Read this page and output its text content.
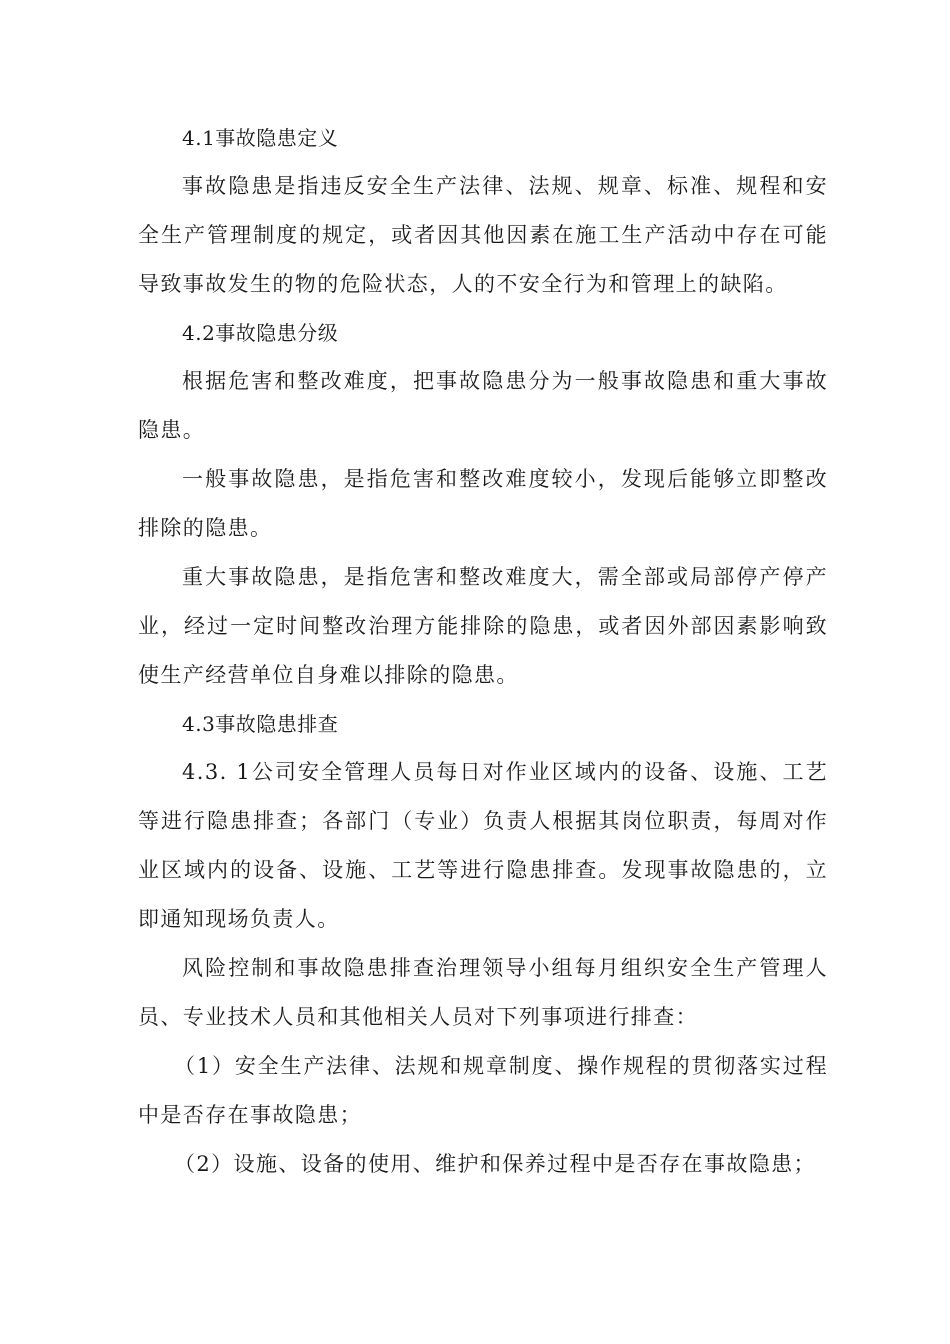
4.1事故隐患定义

事故隐患是指违反安全生产法律、法规、规章、标准、规程和安全生产管理制度的规定，或者因其他因素在施工生产活动中存在可能导致事故发生的物的危险状态，人的不安全行为和管理上的缺陷。

4.2事故隐患分级

根据危害和整改难度，把事故隐患分为一般事故隐患和重大事故隐患。

一般事故隐患，是指危害和整改难度较小，发现后能够立即整改排除的隐患。

重大事故隐患，是指危害和整改难度大，需全部或局部停产停产业，经过一定时间整改治理方能排除的隐患，或者因外部因素影响致使生产经营单位自身难以排除的隐患。

4.3事故隐患排查

4.3. 1公司安全管理人员每日对作业区域内的设备、设施、工艺等进行隐患排查；各部门（专业）负责人根据其岗位职责，每周对作业区域内的设备、设施、工艺等进行隐患排查。发现事故隐患的，立即通知现场负责人。

风险控制和事故隐患排查治理领导小组每月组织安全生产管理人员、专业技术人员和其他相关人员对下列事项进行排查：

（1）安全生产法律、法规和规章制度、操作规程的贯彻落实过程中是否存在事故隐患；

（2）设施、设备的使用、维护和保养过程中是否存在事故隐患；
